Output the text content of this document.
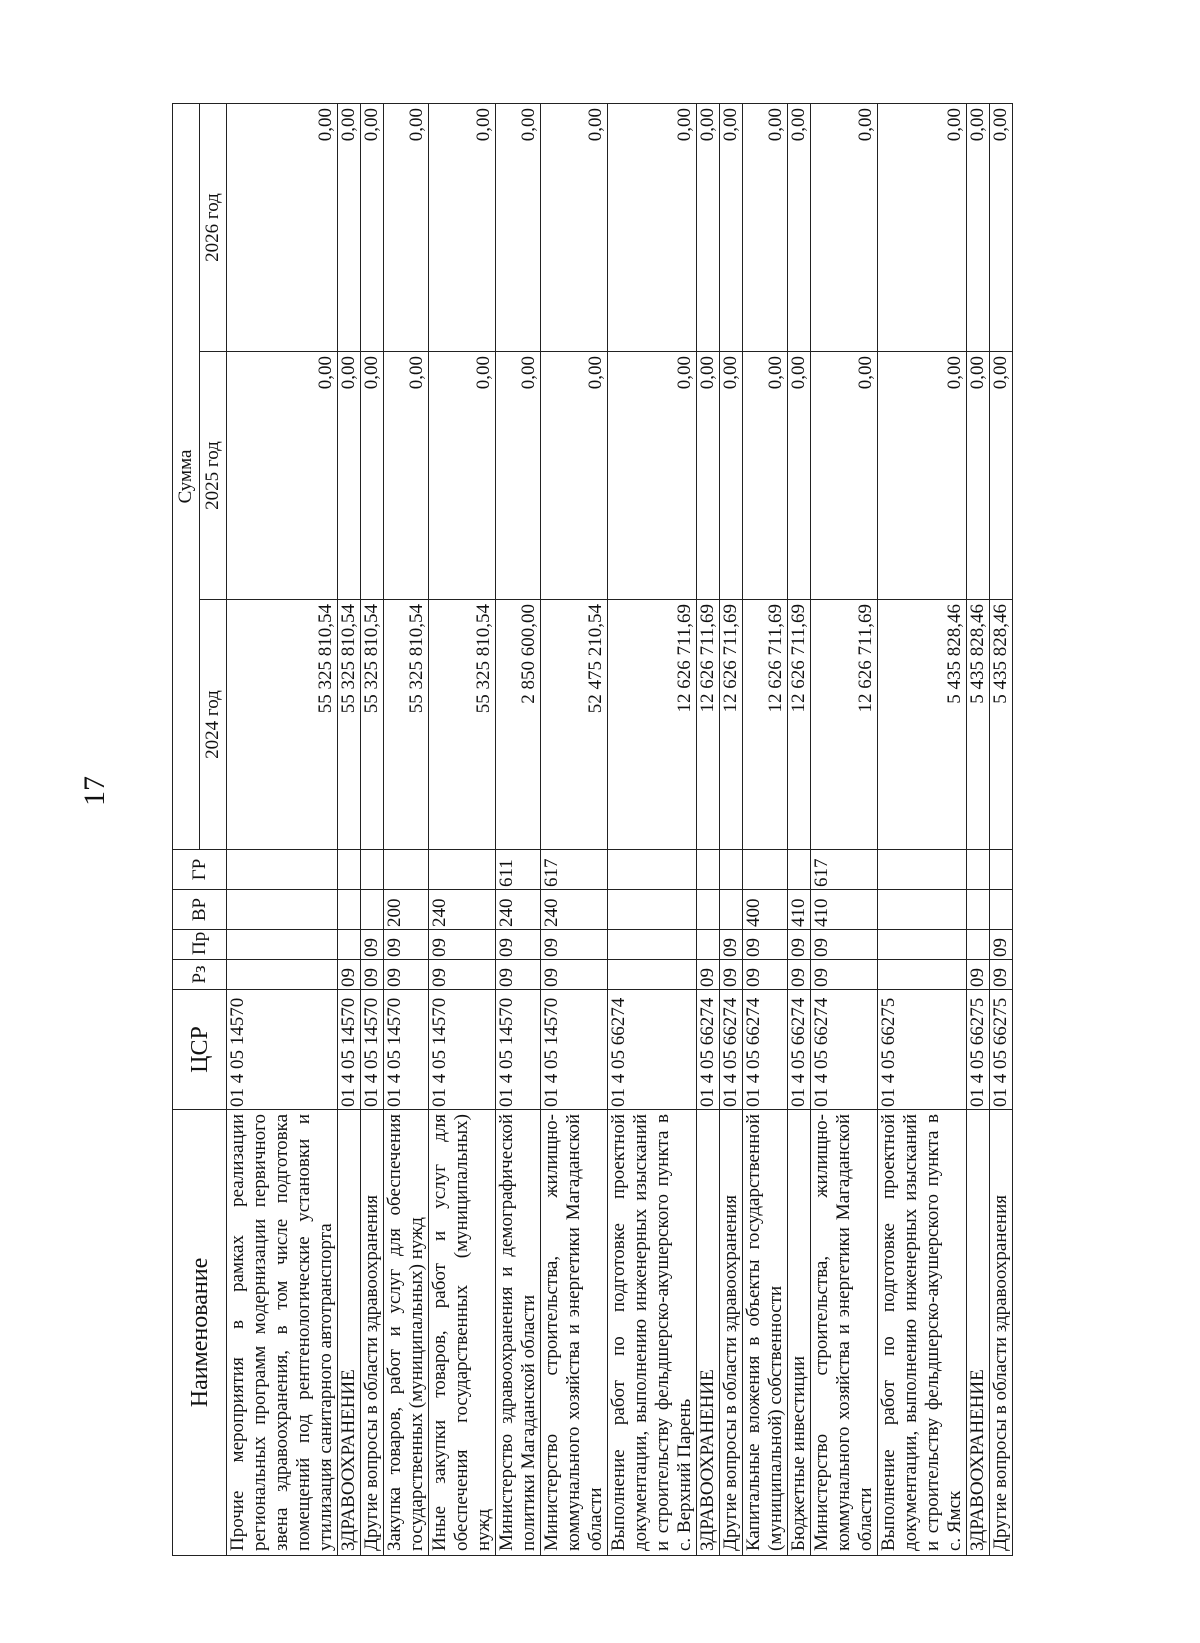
17
Наименование	ЦСР	Рз	Пр	ВР	ГР	Сумма		
						2024 год	2025 год	2026 год
Прочие мероприятия в рамках реализации региональных программ модернизации первичного звена здравоохранения, в том числе подготовка помещений под рентгенологические установки и утилизация санитарного автотранспорта	01 4 05 14570					55 325 810,54	0,00	0,00
ЗДРАВООХРАНЕНИЕ	01 4 05 14570	09				55 325 810,54	0,00	0,00
Другие вопросы в области здравоохранения	01 4 05 14570	09	09			55 325 810,54	0,00	0,00
Закупка товаров, работ и услуг для обеспечения государственных (муниципальных) нужд	01 4 05 14570	09	09	200		55 325 810,54	0,00	0,00
Иные закупки товаров, работ и услуг для обеспечения государственных (муниципальных) нужд	01 4 05 14570	09	09	240		55 325 810,54	0,00	0,00
Министерство здравоохранения и демографической политики Магаданской области	01 4 05 14570	09	09	240	611	2 850 600,00	0,00	0,00
Министерство строительства, жилищно-коммунального хозяйства и энергетики Магаданской области	01 4 05 14570	09	09	240	617	52 475 210,54	0,00	0,00
Выполнение работ по подготовке проектной документации, выполнению инженерных изысканий и строительству фельдшерско-акушерского пункта в с. Верхний Парень	01 4 05 66274					12 626 711,69	0,00	0,00
ЗДРАВООХРАНЕНИЕ	01 4 05 66274	09				12 626 711,69	0,00	0,00
Другие вопросы в области здравоохранения	01 4 05 66274	09	09			12 626 711,69	0,00	0,00
Капитальные вложения в объекты государственной (муниципальной) собственности	01 4 05 66274	09	09	400		12 626 711,69	0,00	0,00
Бюджетные инвестиции	01 4 05 66274	09	09	410		12 626 711,69	0,00	0,00
Министерство строительства, жилищно-коммунального хозяйства и энергетики Магаданской области	01 4 05 66274	09	09	410	617	12 626 711,69	0,00	0,00
Выполнение работ по подготовке проектной документации, выполнению инженерных изысканий и строительству фельдшерско-акушерского пункта в с. Ямск	01 4 05 66275					5 435 828,46	0,00	0,00
ЗДРАВООХРАНЕНИЕ	01 4 05 66275	09				5 435 828,46	0,00	0,00
Другие вопросы в области здравоохранения	01 4 05 66275	09	09			5 435 828,46	0,00	0,00
